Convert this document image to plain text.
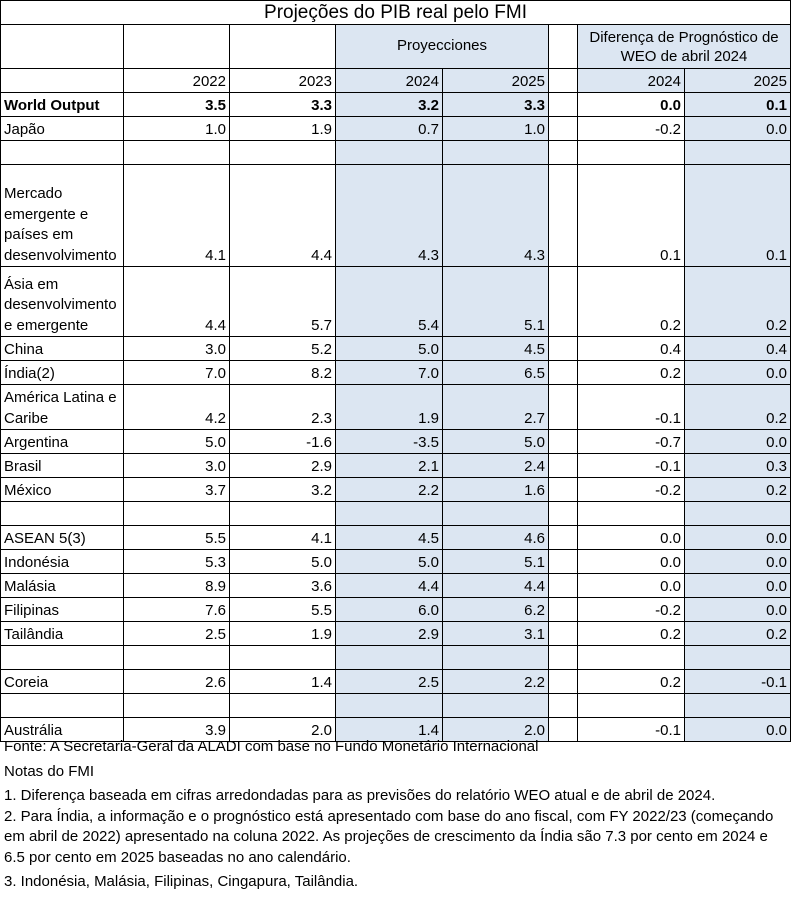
Projeções do PIB real pelo FMI							
			Proyecciones			Diferença de Prognóstico de WEO de abril 2024	
	2022	2023	2024	2025		2024	2025
World Output	3.5	3.3	3.2	3.3		0.0	0.1
Japão	1.0	1.9	0.7	1.0		-0.2	0.0

Mercado emergente e países em desenvolvimento	4.1	4.4	4.3	4.3		0.1	0.1
Ásia em desenvolvimento e emergente	4.4	5.7	5.4	5.1		0.2	0.2
China	3.0	5.2	5.0	4.5		0.4	0.4
Índia(2)	7.0	8.2	7.0	6.5		0.2	0.0
América Latina e Caribe	4.2	2.3	1.9	2.7		-0.1	0.2
Argentina	5.0	-1.6	-3.5	5.0		-0.7	0.0
Brasil	3.0	2.9	2.1	2.4		-0.1	0.3
México	3.7	3.2	2.2	1.6		-0.2	0.2

ASEAN 5(3)	5.5	4.1	4.5	4.6		0.0	0.0
Indonésia	5.3	5.0	5.0	5.1		0.0	0.0
Malásia	8.9	3.6	4.4	4.4		0.0	0.0
Filipinas	7.6	5.5	6.0	6.2		-0.2	0.0
Tailândia	2.5	1.9	2.9	3.1		0.2	0.2

Coreia	2.6	1.4	2.5	2.2		0.2	-0.1

Austrália	3.9	2.0	1.4	2.0		-0.1	0.0
Fonte: A Secretaria-Geral da ALADI com base no Fundo Monetário Internacional
Notas do FMI
1. Diferença baseada em cifras arredondadas para as previsões do relatório WEO atual e de abril de 2024.
2. Para Índia, a informação e o prognóstico está apresentado com base do ano fiscal, com FY 2022/23 (começando em abril de 2022) apresentado na coluna 2022. As projeções de crescimento da Índia são 7.3 por cento em 2024 e 6.5 por cento em 2025 baseadas no ano calendário.
3. Indonésia, Malásia, Filipinas, Cingapura, Tailândia.
